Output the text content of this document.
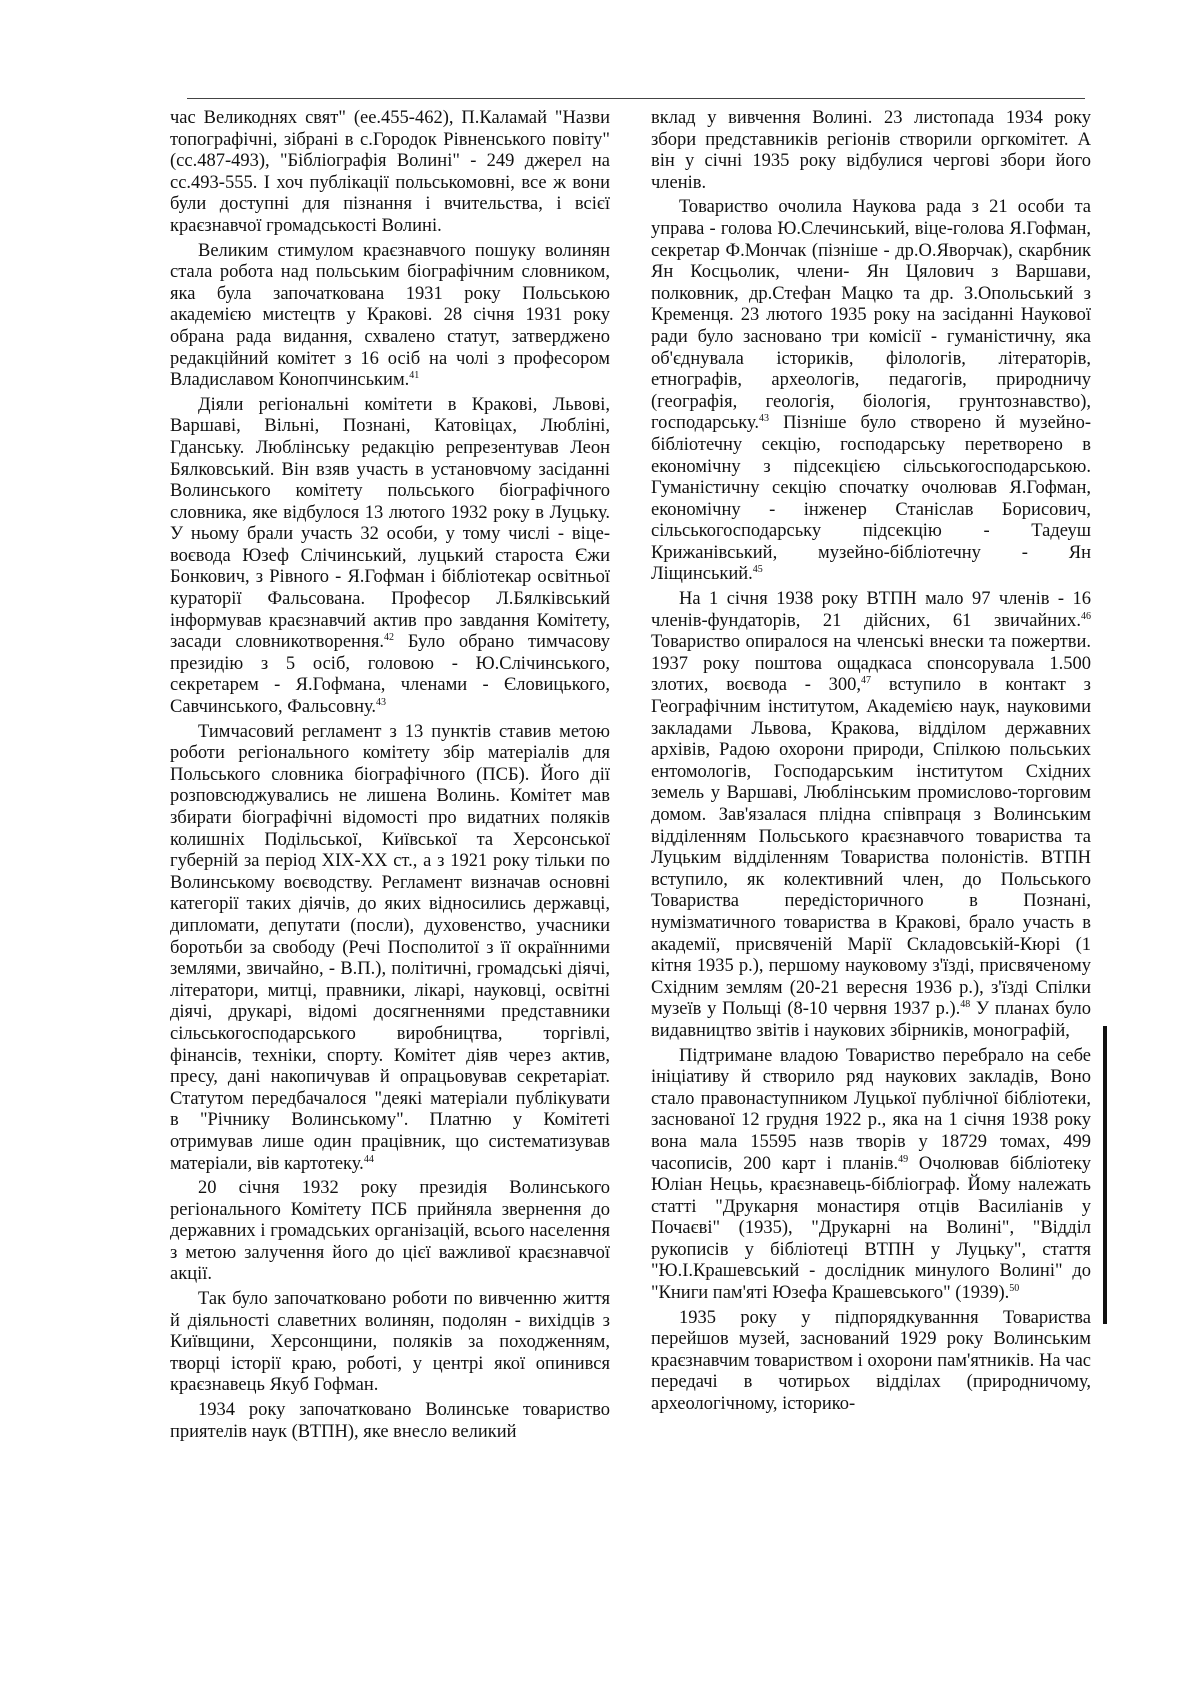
час Великоднях свят" (ее.455-462), П.Каламай "Назви топографічні, зібрані в с.Городок Рівненського повіту" (сс.487-493), "Бібліографія Волині" - 249 джерел на сс.493-555. І хоч публікації польськомовні, все ж вони були доступні для пізнання і вчительства, і всієї краєзнавчої громадськості Волині.

Великим стимулом краєзнавчого пошуку волинян стала робота над польським біографічним словником, яка була започаткована 1931 року Польською академією мистецтв у Кракові. 28 січня 1931 року обрана рада видання, схвалено статут, затверджено редакційний комітет з 16 осіб на чолі з професором Владиславом Конопчинським.$^{41}$

Діяли регіональні комітети в Кракові, Львові, Варшаві, Вільні, Познані, Катовіцах, Любліні, Гданську. Люблінську редакцію репрезентував Леон Бялковський. Він взяв участь в установчому засіданні Волинського комітету польського біографічного словника, яке відбулося 13 лютого 1932 року в Луцьку. У ньому брали участь 32 особи, у тому числі - віце-воєвода Юзеф Слічинський, луцький староста Єжи Бонкович, з Рівного - Я.Гофман і бібліотекар освітньої кураторії Фальсована. Професор Л.Бялківський інформував краєзнавчий актив про завдання Комітету, засади словникотворення.$^{42}$ Було обрано тимчасову президію з 5 осіб, головою - Ю.Слічинського, секретарем - Я.Гофмана, членами - Єловицького, Савчинського, Фальсовну.$^{43}$

Тимчасовий регламент з 13 пунктів ставив метою роботи регіонального комітету збір матеріалів для Польського словника біографічного (ПСБ). Його дії розповсюджувались не лишена Волинь. Комітет мав збирати біографічні відомості про видатних поляків колишніх Подільської, Київської та Херсонської губерній за період XIX-XX ст., а з 1921 року тільки по Волинському воєводству. Регламент визначав основні категорії таких діячів, до яких відносились державці, дипломати, депутати (посли), духовенство, учасники боротьби за свободу (Речі Посполитої з її окраїнними землями, звичайно, - В.П.), політичні, громадські діячі, літератори, митці, правники, лікарі, науковці, освітні діячі, друкарі, відомі досягненнями представники сільськогосподарського виробництва, торгівлі, фінансів, техніки, спорту. Комітет діяв через актив, пресу, дані накопичував й опрацьовував секретаріат. Статутом передбачалося "деякі матеріали публікувати в "Річнику Волинському". Платню у Комітеті отримував лише один працівник, що систематизував матеріали, вів картотеку.$^{44}$

20 січня 1932 року президія Волинського регіонального Комітету ПСБ прийняла звернення до державних і громадських організацій, всього населення з метою залучення його до цієї важливої краєзнавчої акції.

Так було започатковано роботи по вивченню життя й діяльності славетних волинян, подолян - вихідців з Київщини, Херсонщини, поляків за походженням, творці історії краю, роботі, у центрі якої опинився краєзнавець Якуб Гофман.

1934 року започатковано Волинське товариство приятелів наук (ВТПН), яке внесло великий

вклад у вивчення Волині. 23 листопада 1934 року збори представників регіонів створили оргкомітет. А він у січні 1935 року відбулися чергові збори його членів.

Товариство очолила Наукова рада з 21 особи та управа - голова Ю.Слечинський, віце-голова Я.Гофман, секретар Ф.Мончак (пізніше - др.О.Яворчак), скарбник Ян Косцьолик, члени- Ян Цялович з Варшави, полковник, др.Стефан Мацко та др. З.Опольський з Кременця. 23 лютого 1935 року на засіданні Наукової ради було засновано три комісії - гуманістичну, яка об'єднувала істориків, філологів, літераторів, етнографів, археологів, педагогів, природничу (географія, геологія, біологія, грунтознавство), господарську.$^{43}$ Пізніше було створено й музейно-бібліотечну секцію, господарську перетворено в економічну з підсекцією сільськогосподарською. Гуманістичну секцію спочатку очолював Я.Гофман, економічну - інженер Станіслав Борисович, сільськогосподарську підсекцію - Тадеуш Крижанівський, музейно-бібліотечну - Ян Ліщинський.$^{45}$

На 1 січня 1938 року ВТПН мало 97 членів - 16 членів-фундаторів, 21 дійсних, 61 звичайних.$^{46}$ Товариство опиралося на членські внески та пожертви. 1937 року поштова ощадкаса спонсорувала 1.500 злотих, воєвода - 300,47 вступило в контакт з Географічним інститутом, Академією наук, науковими закладами Львова, Кракова, відділом державних архівів, Радою охорони природи, Спілкою польських ентомологів, Господарським інститутом Східних земель у Варшаві, Люблінським промислово-торговим домом. Зав'язалася плідна співпраця з Волинським відділенням Польського краєзнавчого товариства та Луцьким відділенням Товариства полоністів. ВТПН вступило, як колективний член, до Польського Товариства передісторичного в Познані, нумізматичного товариства в Кракові, брало участь в академії, присвяченій Марії Складовській-Кюрі (1 кітня 1935 р.), першому науковому з'їзді, присвяченому Східним землям (20-21 вересня 1936 р.), з'їзді Спілки музеїв у Польщі (8-10 червня 1937 р.).$^{48}$ У планах було видавництво звітів і наукових збірників, монографій,

Підтримане владою Товариство перебрало на себе ініціативу й створило ряд наукових закладів, Воно стало правонаступником Луцької публічної бібліотеки, заснованої 12 грудня 1922 р., яка на 1 січня 1938 року вона мала 15595 назв творів у 18729 томах, 499 часописів, 200 карт і планів.$^{49}$ Очолював бібліотеку Юліан Нецьь, краєзнавець-бібліограф. Йому належать статті "Друкарня монастиря отців Василіанів у Почаєві" (1935), "Друкарні на Волині", "Відділ рукописів у бібліотеці ВТПН у Луцьку", стаття "Ю.І.Крашевський - дослідник минулого Волині" до "Книги пам'яті Юзефа Крашевського" (1939).$^{50}$

1935 року у підпорядкуванння Товариства перейшов музей, заснований 1929 року Волинським краєзнавчим товариством і охорони пам'ятників. На час передачі в чотирьох відділах (природничому, археологічному, історико-
